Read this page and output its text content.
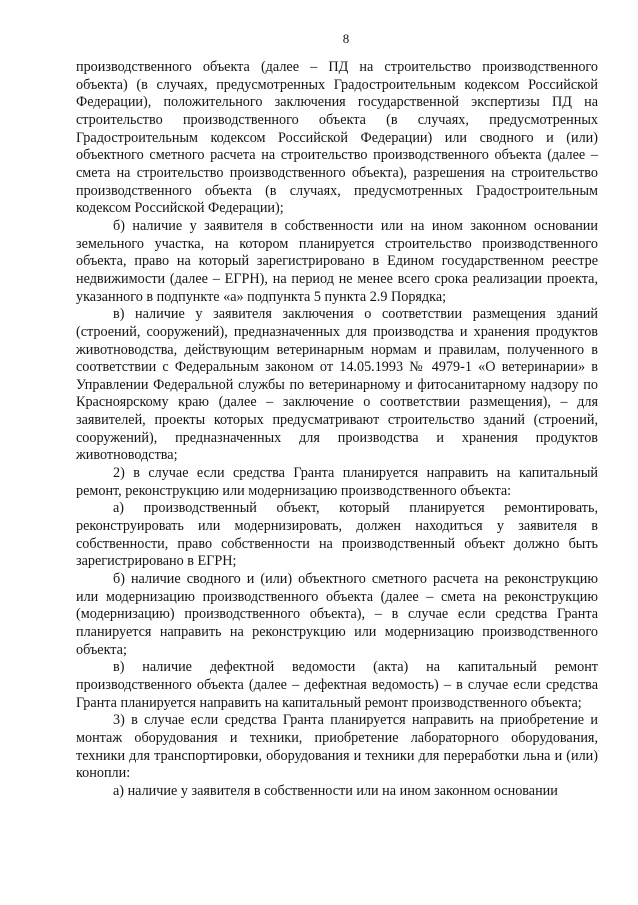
8

производственного объекта (далее – ПД на строительство производственного объекта) (в случаях, предусмотренных Градостроительным кодексом Российской Федерации), положительного заключения государственной экспертизы ПД на строительство производственного объекта (в случаях, предусмотренных Градостроительным кодексом Российской Федерации) или сводного и (или) объектного сметного расчета на строительство производственного объекта (далее – смета на строительство производственного объекта), разрешения на строительство производственного объекта (в случаях, предусмотренных Градостроительным кодексом Российской Федерации);

б) наличие у заявителя в собственности или на ином законном основании земельного участка, на котором планируется строительство производственного объекта, право на который зарегистрировано в Едином государственном реестре недвижимости (далее – ЕГРН), на период не менее всего срока реализации проекта, указанного в подпункте «а» подпункта 5 пункта 2.9 Порядка;

в) наличие у заявителя заключения о соответствии размещения зданий (строений, сооружений), предназначенных для производства и хранения продуктов животноводства, действующим ветеринарным нормам и правилам, полученного в соответствии с Федеральным законом от 14.05.1993 № 4979-1 «О ветеринарии» в Управлении Федеральной службы по ветеринарному и фитосанитарному надзору по Красноярскому краю (далее – заключение о соответствии размещения), – для заявителей, проекты которых предусматривают строительство зданий (строений, сооружений), предназначенных для производства и хранения продуктов животноводства;

2) в случае если средства Гранта планируется направить на капитальный ремонт, реконструкцию или модернизацию производственного объекта:

а) производственный объект, который планируется ремонтировать, реконструировать или модернизировать, должен находиться у заявителя в собственности, право собственности на производственный объект должно быть зарегистрировано в ЕГРН;

б) наличие сводного и (или) объектного сметного расчета на реконструкцию или модернизацию производственного объекта (далее – смета на реконструкцию (модернизацию) производственного объекта), – в случае если средства Гранта планируется направить на реконструкцию или модернизацию производственного объекта;

в) наличие дефектной ведомости (акта) на капитальный ремонт производственного объекта (далее – дефектная ведомость) – в случае если средства Гранта планируется направить на капитальный ремонт производственного объекта;

3) в случае если средства Гранта планируется направить на приобретение и монтаж оборудования и техники, приобретение лабораторного оборудования, техники для транспортировки, оборудования и техники для переработки льна и (или) конопли:

а) наличие у заявителя в собственности или на ином законном основании
